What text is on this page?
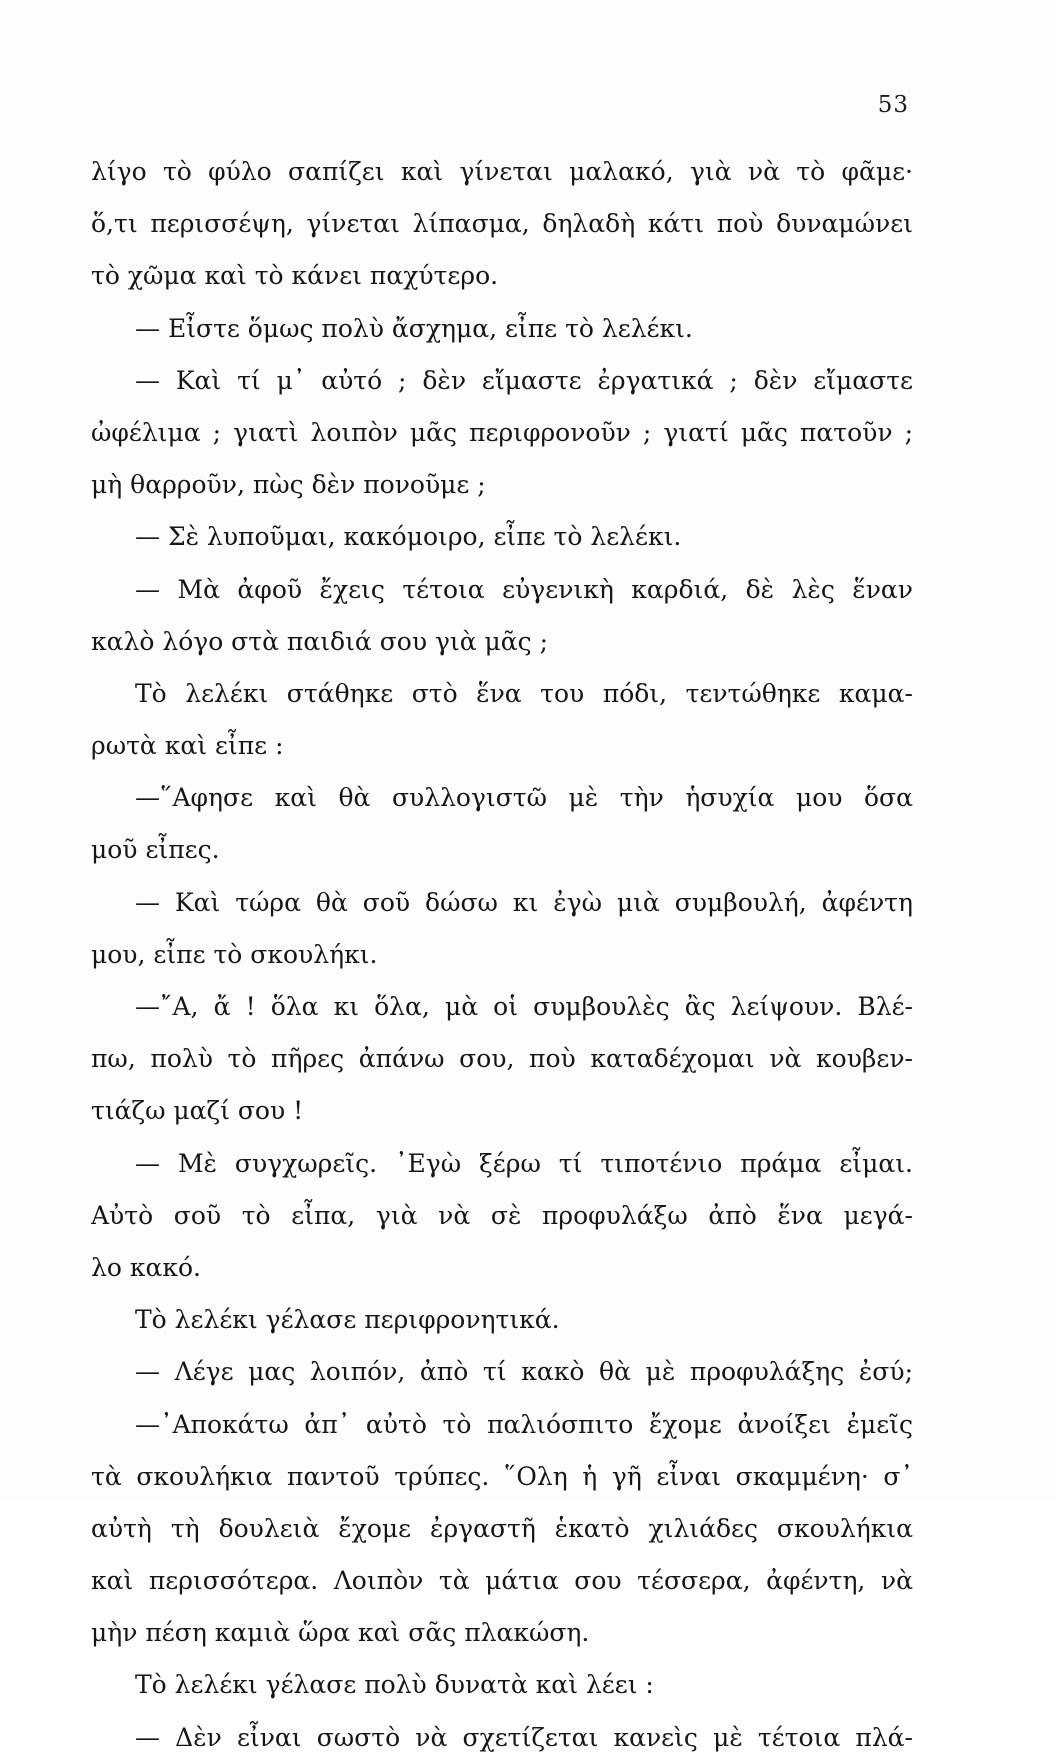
53
λίγο τὸ φύλο σαπίζει καὶ γίνεται μαλακό, γιὰ νὰ τὸ φᾶμε·
ὅ,τι περισσέψη, γίνεται λίπασμα, δηλαδὴ κάτι ποὺ δυναμώνει
τὸ χῶμα καὶ τὸ κάνει παχύτερο.
— Εἶστε ὅμως πολὺ ἄσχημα, εἶπε τὸ λελέκι.
— Καὶ τί μ᾿ αὐτό ; δὲν εἴμαστε ἐργατικά ; δὲν εἴμαστε
ὠφέλιμα ; γιατὶ λοιπὸν μᾶς περιφρονοῦν ; γιατί μᾶς πατοῦν ;
μὴ θαρροῦν, πὼς δὲν πονοῦμε ;
— Σὲ λυποῦμαι, κακόμοιρο, εἶπε τὸ λελέκι.
— Μὰ ἀφοῦ ἔχεις τέτοια εὐγενικὴ καρδιά, δὲ λὲς ἕναν
καλὸ λόγο στὰ παιδιά σου γιὰ μᾶς ;
Τὸ λελέκι στάθηκε στὸ ἕνα του πόδι, τεντώθηκε καμα-
ρωτὰ καὶ εἶπε :
—῞Αφησε καὶ θὰ συλλογιστῶ μὲ τὴν ἡσυχία μου ὅσα
μοῦ εἶπες.
— Καὶ τώρα θὰ σοῦ δώσω κι ἐγὼ μιὰ συμβουλή, ἀφέντη
μου, εἶπε τὸ σκουλήκι.
—῎Α, ἄ ! ὅλα κι ὅλα, μὰ οἱ συμβουλὲς ἂς λείψουν. Βλέ-
πω, πολὺ τὸ πῆρες ἀπάνω σου, ποὺ καταδέχομαι νὰ κουβεν-
τιάζω μαζί σου !
— Μὲ συγχωρεῖς. ᾽Εγὼ ξέρω τί τιποτένιο πράμα εἶμαι.
Αὐτὸ σοῦ τὸ εἶπα, γιὰ νὰ σὲ προφυλάξω ἀπὸ ἕνα μεγά-
λο κακό.
Τὸ λελέκι γέλασε περιφρονητικά.
— Λέγε μας λοιπόν, ἀπὸ τί κακὸ θὰ μὲ προφυλάξης ἐσύ;
—᾽Αποκάτω ἀπ᾿ αὐτὸ τὸ παλιόσπιτο ἔχομε ἀνοίξει ἐμεῖς
τὰ σκουλήκια παντοῦ τρύπες. ῞Ολη ἡ γῆ εἶναι σκαμμένη· σ᾿
αὐτὴ τὴ δουλειὰ ἔχομε ἐργαστῆ ἑκατὸ χιλιάδες σκουλήκια
καὶ περισσότερα. Λοιπὸν τὰ μάτια σου τέσσερα, ἀφέντη, νὰ
μὴν πέση καμιὰ ὥρα καὶ σᾶς πλακώση.
Τὸ λελέκι γέλασε πολὺ δυνατὰ καὶ λέει :
— Δὲν εἶναι σωστὸ νὰ σχετίζεται κανεὶς μὲ τέτοια πλά-
